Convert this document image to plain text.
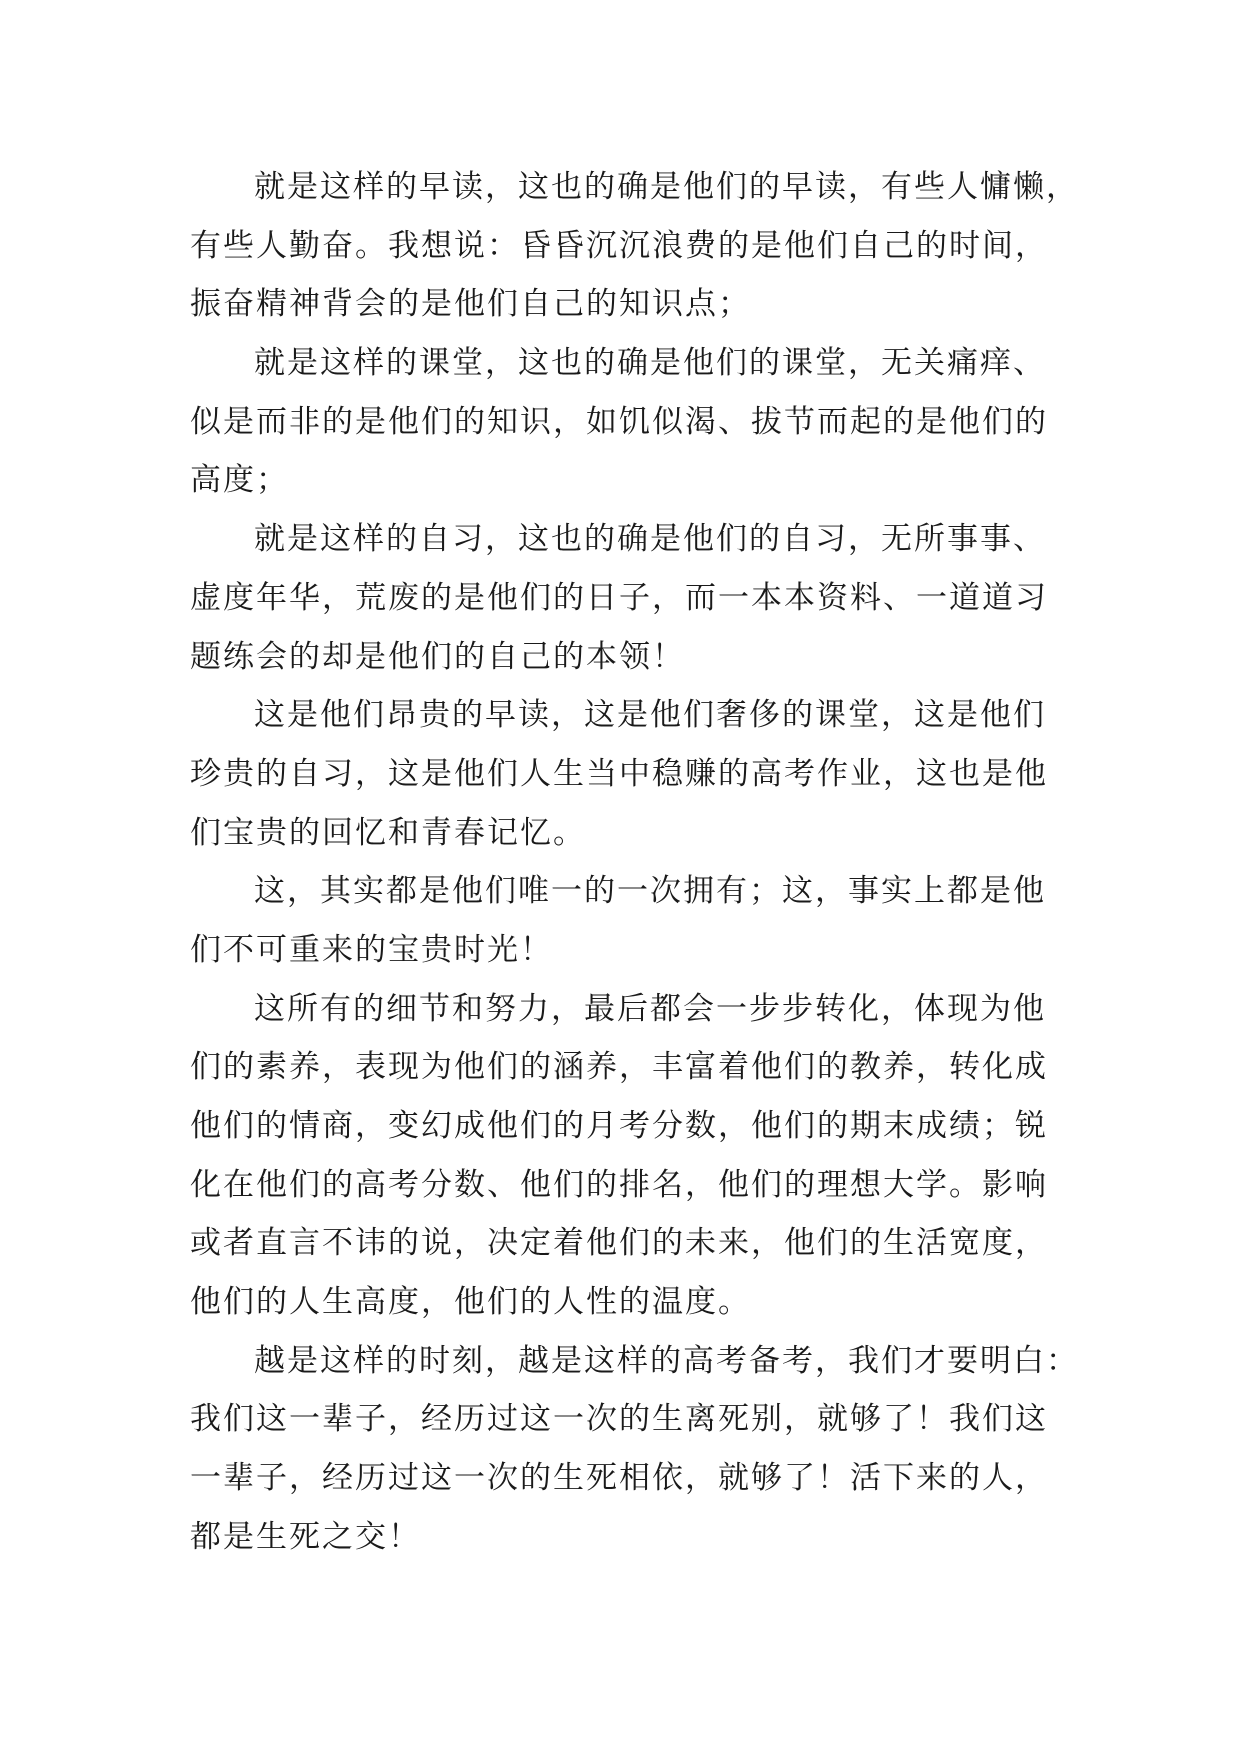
就是这样的早读，这也的确是他们的早读，有些人慵懒，
有些人勤奋。我想说：昏昏沉沉浪费的是他们自己的时间，
振奋精神背会的是他们自己的知识点；

就是这样的课堂，这也的确是他们的课堂，无关痛痒、
似是而非的是他们的知识，如饥似渴、拔节而起的是他们的
高度；

就是这样的自习，这也的确是他们的自习，无所事事、
虚度年华，荒废的是他们的日子，而一本本资料、一道道习
题练会的却是他们的自己的本领！

这是他们昂贵的早读，这是他们奢侈的课堂，这是他们
珍贵的自习，这是他们人生当中稳赚的高考作业，这也是他
们宝贵的回忆和青春记忆。

这，其实都是他们唯一的一次拥有；这，事实上都是他
们不可重来的宝贵时光！

这所有的细节和努力，最后都会一步步转化，体现为他
们的素养，表现为他们的涵养，丰富着他们的教养，转化成
他们的情商，变幻成他们的月考分数，他们的期末成绩；锐
化在他们的高考分数、他们的排名，他们的理想大学。影响
或者直言不讳的说，决定着他们的未来，他们的生活宽度，
他们的人生高度，他们的人性的温度。

越是这样的时刻，越是这样的高考备考，我们才要明白：
我们这一辈子，经历过这一次的生离死别，就够了！我们这
一辈子，经历过这一次的生死相依，就够了！活下来的人，
都是生死之交！
